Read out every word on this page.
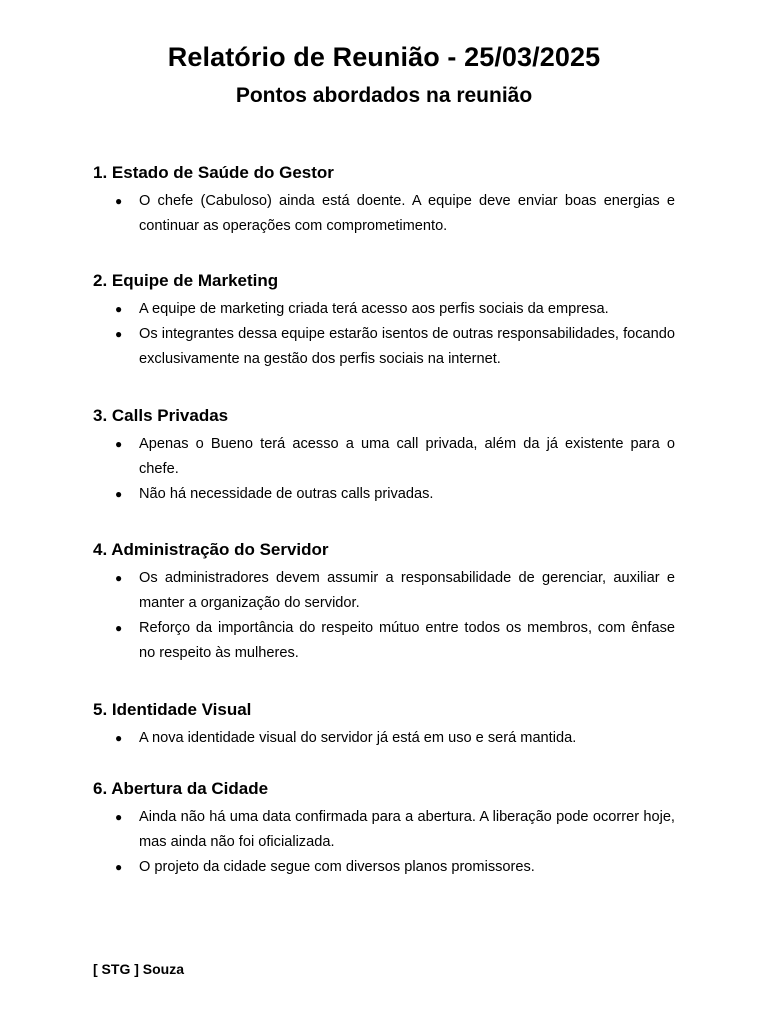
Relatório de Reunião - 25/03/2025
Pontos abordados na reunião
1. Estado de Saúde do Gestor
● O chefe (Cabuloso) ainda está doente. A equipe deve enviar boas energias e continuar as operações com comprometimento.
2. Equipe de Marketing
● A equipe de marketing criada terá acesso aos perfis sociais da empresa.
● Os integrantes dessa equipe estarão isentos de outras responsabilidades, focando exclusivamente na gestão dos perfis sociais na internet.
3. Calls Privadas
● Apenas o Bueno terá acesso a uma call privada, além da já existente para o chefe.
● Não há necessidade de outras calls privadas.
4. Administração do Servidor
● Os administradores devem assumir a responsabilidade de gerenciar, auxiliar e manter a organização do servidor.
● Reforço da importância do respeito mútuo entre todos os membros, com ênfase no respeito às mulheres.
5. Identidade Visual
● A nova identidade visual do servidor já está em uso e será mantida.
6. Abertura da Cidade
● Ainda não há uma data confirmada para a abertura. A liberação pode ocorrer hoje, mas ainda não foi oficializada.
● O projeto da cidade segue com diversos planos promissores.
[ STG ] Souza
